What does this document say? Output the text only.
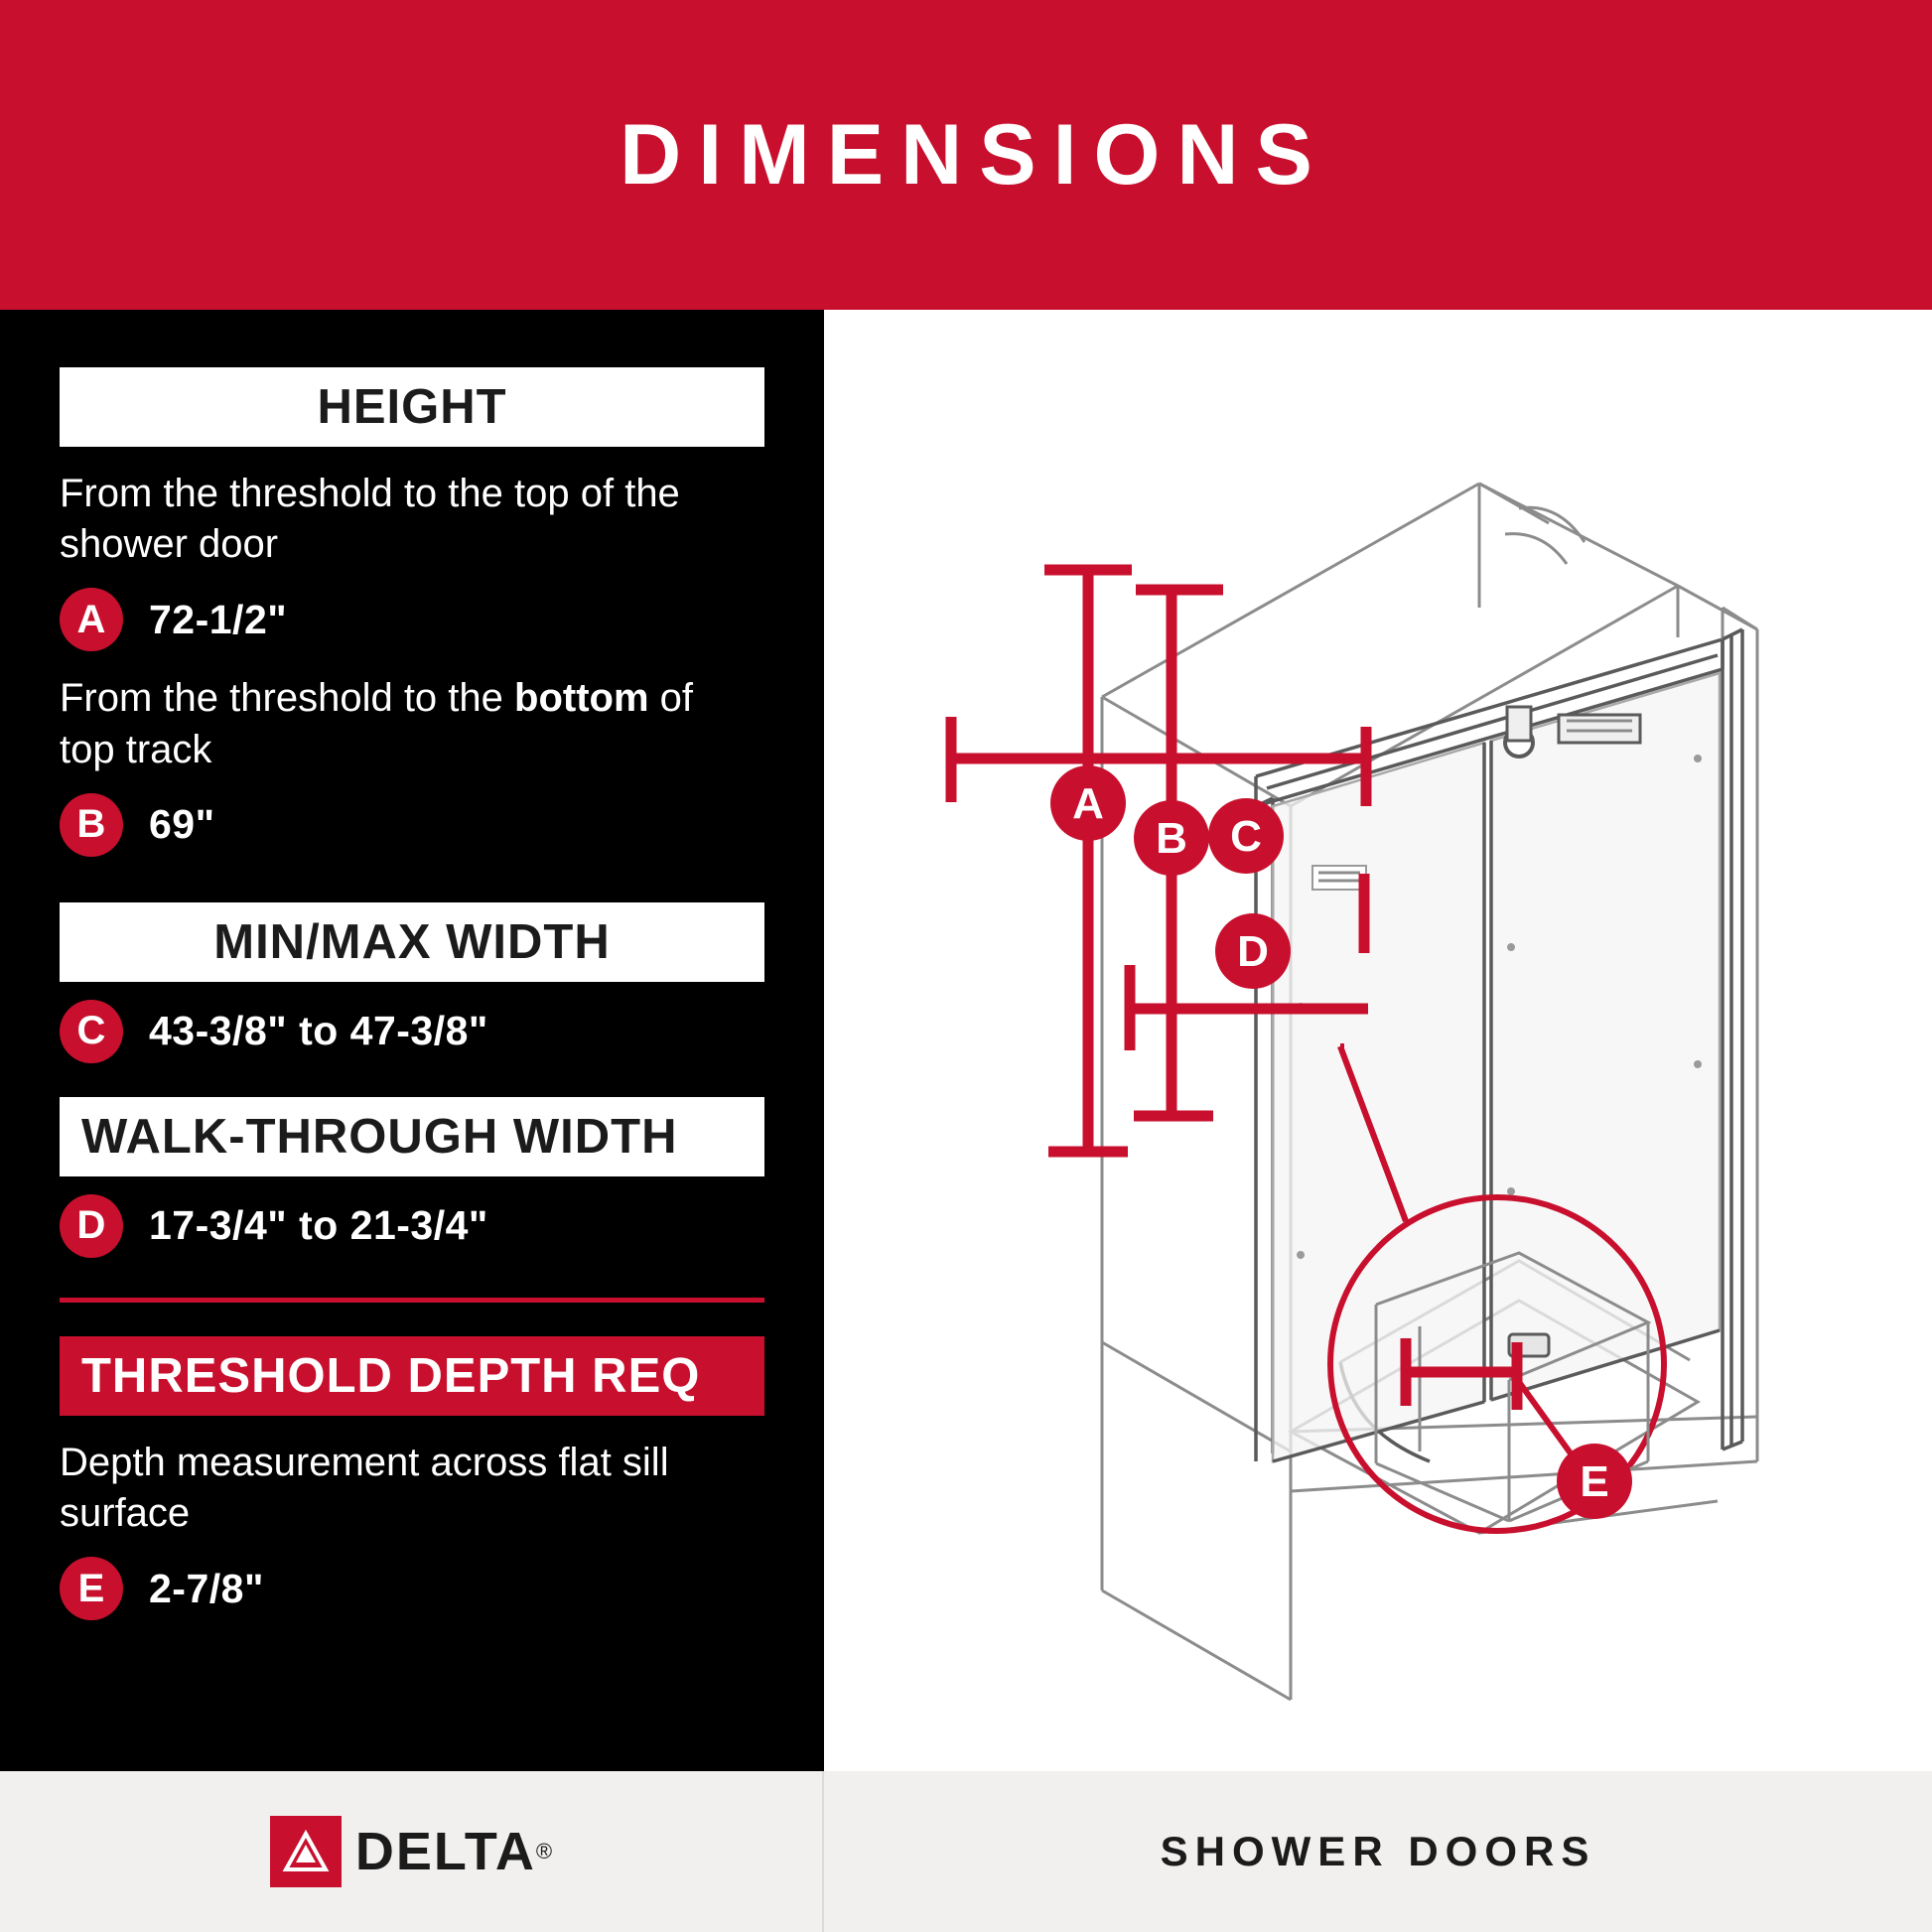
DIMENSIONS
HEIGHT
From the threshold to the top of the shower door
A	72-1/2"
From the threshold to the bottom of top track
B	69"
MIN/MAX WIDTH
C	43-3/8" to 47-3/8"
WALK-THROUGH WIDTH
D	17-3/4" to 21-3/4"
THRESHOLD DEPTH REQ
Depth measurement across flat sill surface
E	2-7/8"
A
B C
D
E
DELTA ®	SHOWER DOORS
